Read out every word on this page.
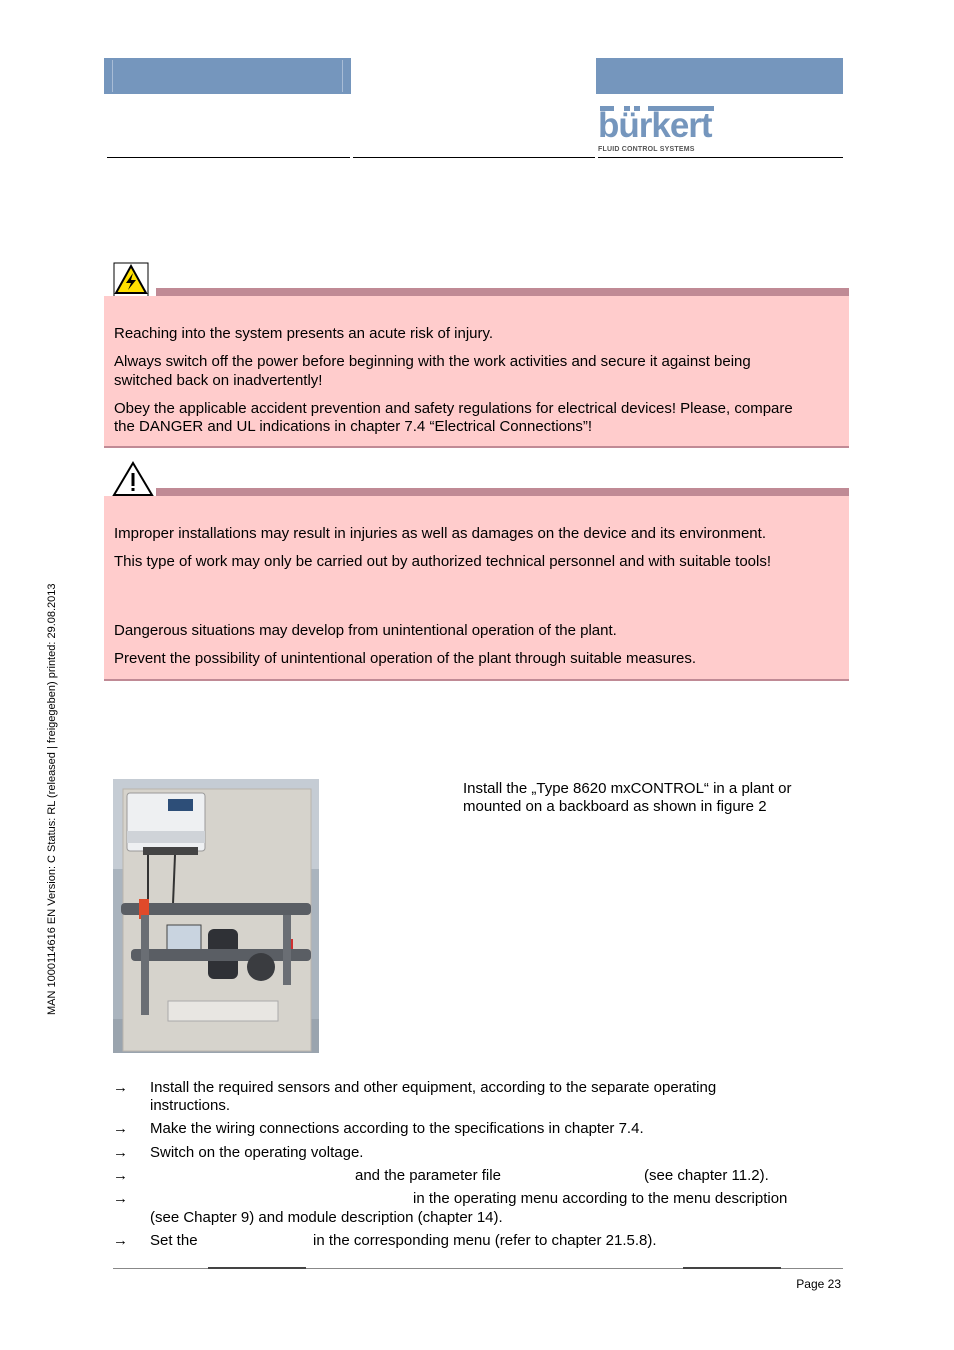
bürkert
FLUID CONTROL SYSTEMS

Reaching into the system presents an acute risk of injury.

Always switch off the power before beginning with the work activities and secure it against being

switched back on inadvertently!

Obey the applicable accident prevention and safety regulations for electrical devices! Please, compare

the DANGER and UL indications in chapter 7.4 “Electrical Connections”!

Improper installations may result in injuries as well as damages on the device and its environment.

This type of work may only be carried out by authorized technical personnel and with suitable tools!

Dangerous situations may develop from unintentional operation of the plant.

Prevent the possibility of unintentional operation of the plant through suitable measures.

Install the „Type 8620 mxCONTROL“ in a plant or

mounted on a backboard as shown in figure 2

→ Install the required sensors and other equipment, according to the separate operating

instructions.

→ Make the wiring connections according to the specifications in chapter 7.4.

→ Switch on the operating voltage.

→	and the parameter file	(see chapter 11.2).

→	in the operating menu according to the menu description

(see Chapter 9) and module description (chapter 14).

→ Set the	in the corresponding menu (refer to chapter 21.5.8).

Page 23
MAN 1000114616 EN Version: C Status: RL (released | freigegeben) printed: 29.08.2013
